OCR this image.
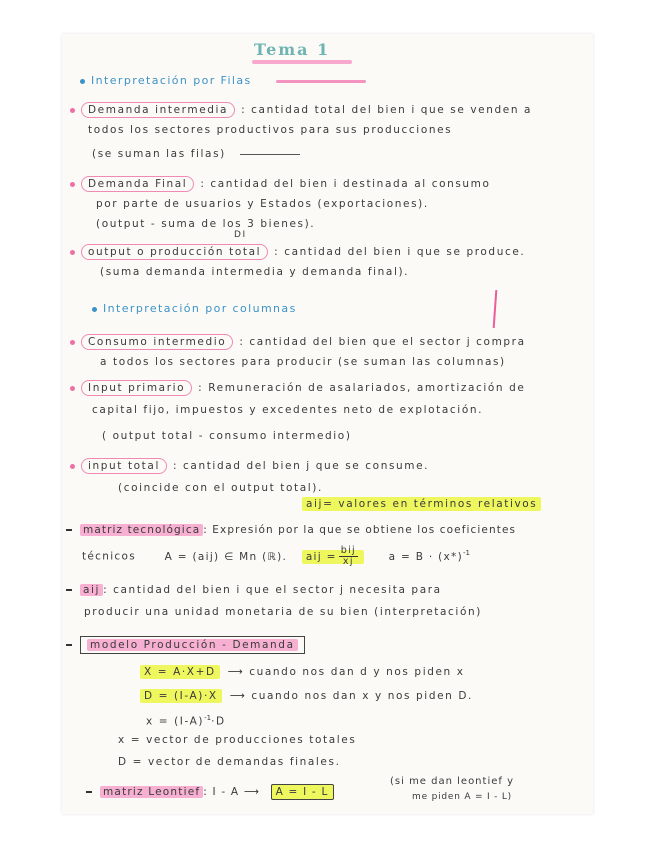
Tema 1
Interpretación por Filas
Demanda intermedia : cantidad total del bien i que se venden a
todos los sectores productivos para sus producciones
(se suman las filas)
Demanda Final : cantidad del bien i destinada al consumo
por parte de usuarios y Estados (exportaciones).
(output - suma de los 3 bienes).
DI
output o producción total : cantidad del bien i que se produce.
(suma demanda intermedia y demanda final).
Interpretación por columnas
Consumo intermedio : cantidad del bien que el sector j compra
a todos los sectores para producir (se suman las columnas)
Input primario : Remuneración de asalariados, amortización de
capital fijo, impuestos y excedentes neto de explotación.
( output total - consumo intermedio)
input total : cantidad del bien j que se consume.
(coincide con el output total).
aij= valores en términos relativos
matriz tecnológica : Expresión por la que se obtiene los coeficientes
técnicos	A = (aij) ∈ Mn (ℝ). aij = $\frac{\text{bij}}{xj}$	$a = B \cdot (x*)^{-1}$
aij : cantidad del bien i que el sector j necesita para
producir una unidad monetaria de su bien (interpretación)
modelo Producción - Demanda
X = A·X+D ⟶ cuando nos dan d y nos piden x
D = (I-A)·X ⟶ cuando nos dan x y nos piden D.
$x = (I-A)^{-1}\cdot D$
x = vector de producciones totales
D = vector de demandas finales.
matriz Leontief : I - A ⟶ A = I - L
(si me dan leontief y
me piden A = I - L)
